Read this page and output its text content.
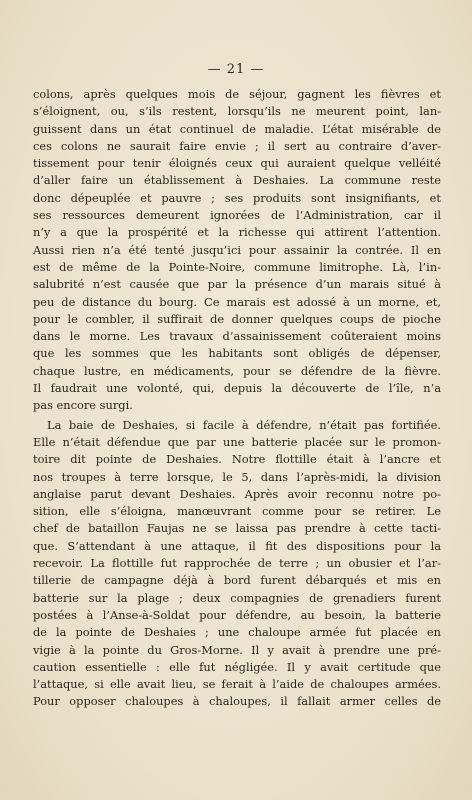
— 21 —
colons, après quelques mois de séjour, gagnent les fièvres et
s’éloignent, ou, s’ils restent, lorsqu’ils ne meurent point, lan-
guissent dans un état continuel de maladie. L’état misérable de
ces colons ne saurait faire envie ; il sert au contraire d’aver-
tissement pour tenir éloignés ceux qui auraient quelque velléité
d’aller faire un établissement à Deshaies. La commune reste
donc dépeuplée et pauvre ; ses produits sont insignifiants, et
ses ressources demeurent ignorées de l’Administration, car il
n’y a que la prospérité et la richesse qui attirent l’attention.
Aussi rien n’a été tenté jusqu’ici pour assainir la contrée. Il en
est de même de la Pointe-Noire, commune limitrophe. Là, l’in-
salubrité n’est causée que par la présence d’un marais situé à
peu de distance du bourg. Ce marais est adossé à un morne, et,
pour le combler, il suffirait de donner quelques coups de pioche
dans le morne. Les travaux d’assainissement coûteraient moins
que les sommes que les habitants sont obligés de dépenser,
chaque lustre, en médicaments, pour se défendre de la fièvre.
Il faudrait une volonté, qui, depuis la découverte de l’île, n’a
pas encore surgi.
La baie de Deshaies, si facile à défendre, n’était pas fortifiée.
Elle n’était défendue que par une batterie placée sur le promon-
toire dit pointe de Deshaies. Notre flottille était à l’ancre et
nos troupes à terre lorsque, le 5, dans l’après-midi, la division
anglaise parut devant Deshaies. Après avoir reconnu notre po-
sition, elle s’éloigna, manœuvrant comme pour se retirer. Le
chef de bataillon Faujas ne se laissa pas prendre à cette tacti-
que. S’attendant à une attaque, il fit des dispositions pour la
recevoir. La flottille fut rapprochée de terre ; un obusier et l’ar-
tillerie de campagne déjà à bord furent débarqués et mis en
batterie sur la plage ; deux compagnies de grenadiers furent
postées à l’Anse-à-Soldat pour défendre, au besoin, la batterie
de la pointe de Deshaies ; une chaloupe armée fut placée en
vigie à la pointe du Gros-Morne. Il y avait à prendre une pré-
caution essentielle : elle fut négligée. Il y avait certitude que
l’attaque, si elle avait lieu, se ferait à l’aide de chaloupes armées.
Pour opposer chaloupes à chaloupes, il fallait armer celles de
